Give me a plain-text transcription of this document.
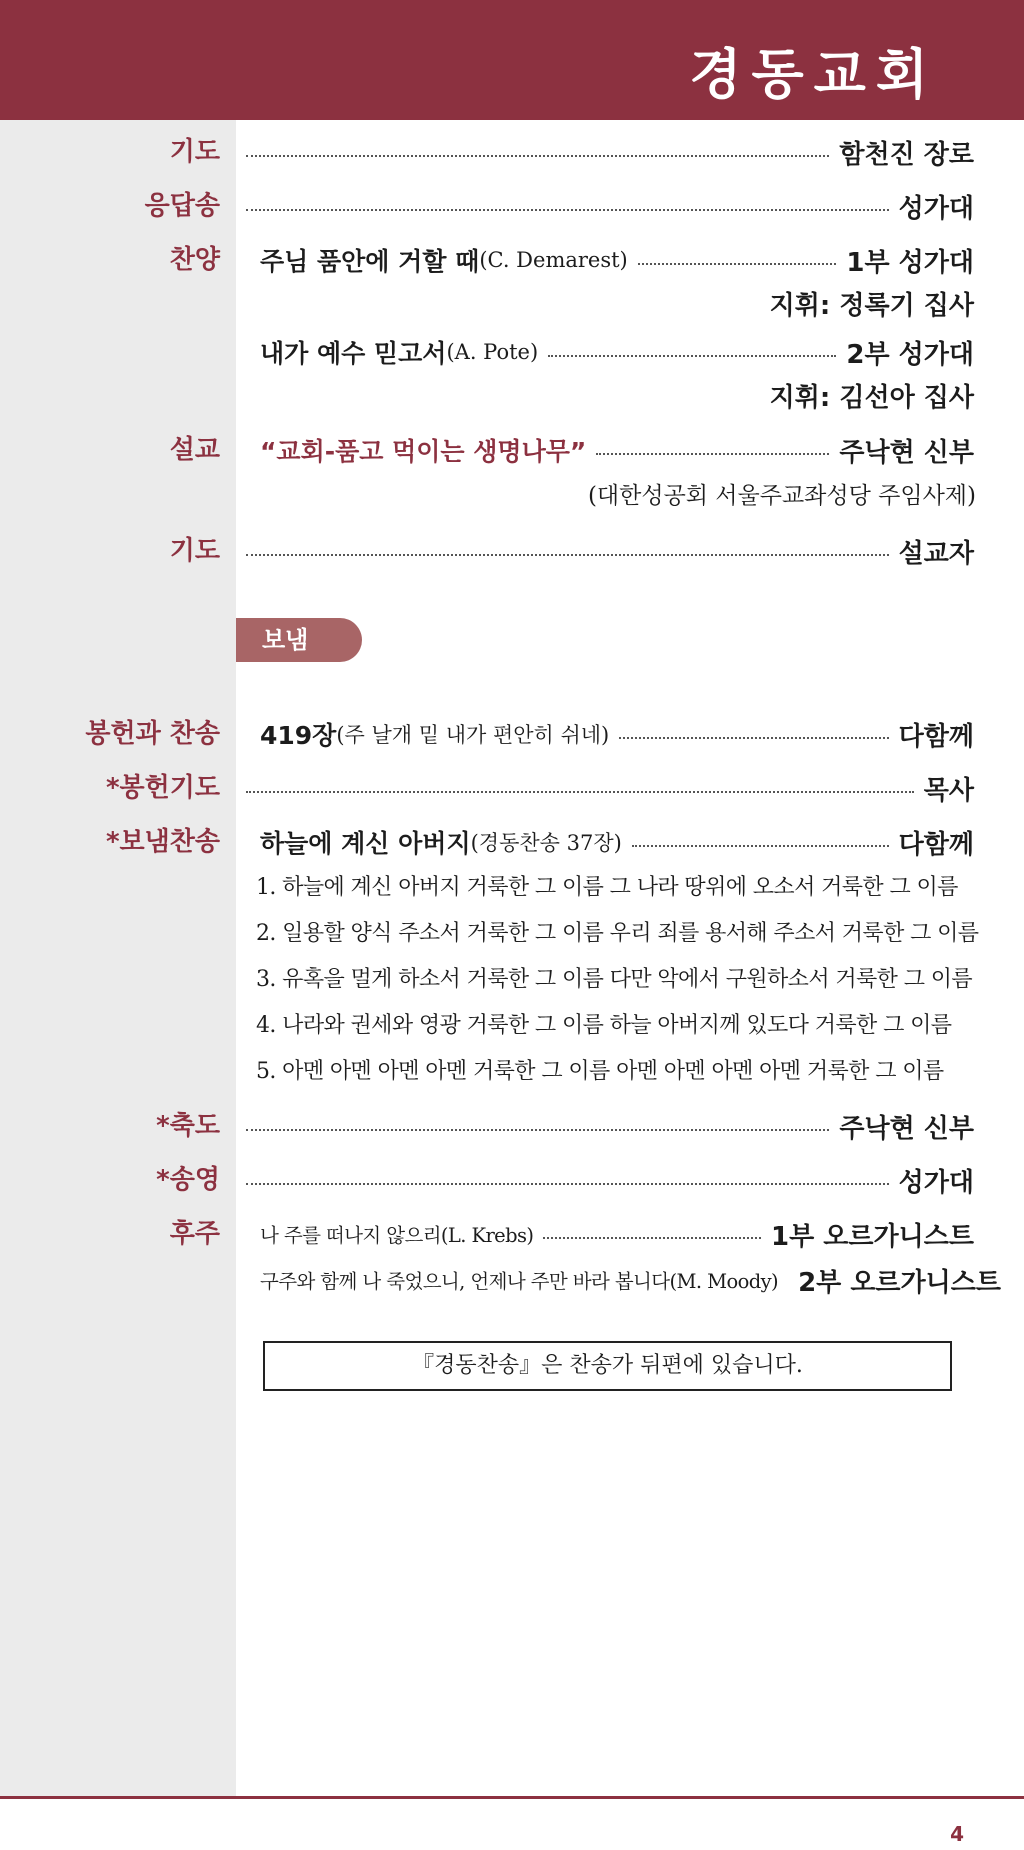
경동교회
기도	함천진 장로
응답송	성가대
찬양 주님 품안에 거할 때 (C. Demarest)	1부 성가대
지휘: 정록기 집사
내가 예수 믿고서 (A. Pote)	2부 성가대
지휘: 김선아 집사
설교 “교회-품고 먹이는 생명나무”	주낙현 신부
(대한성공회 서울주교좌성당 주임사제)
기도	설교자
보냄
봉헌과 찬송 419장 (주 날개 밑 내가 편안히 쉬네)	다함께
*봉헌기도	목사
*보냄찬송 하늘에 계신 아버지 (경동찬송 37장)	다함께
1. 하늘에 계신 아버지 거룩한 그 이름 그 나라 땅위에 오소서 거룩한 그 이름
2. 일용할 양식 주소서 거룩한 그 이름 우리 죄를 용서해 주소서 거룩한 그 이름
3. 유혹을 멀게 하소서 거룩한 그 이름 다만 악에서 구원하소서 거룩한 그 이름
4. 나라와 권세와 영광 거룩한 그 이름 하늘 아버지께 있도다 거룩한 그 이름
5. 아멘 아멘 아멘 아멘 거룩한 그 이름 아멘 아멘 아멘 아멘 거룩한 그 이름
*축도	주낙현 신부
*송영	성가대
후주 나 주를 떠나지 않으리(L. Krebs)	1부 오르가니스트
구주와 함께 나 죽었으니, 언제나 주만 바라 봅니다(M. Moody) 2부 오르가니스트
『경동찬송』은 찬송가 뒤편에 있습니다.
4
